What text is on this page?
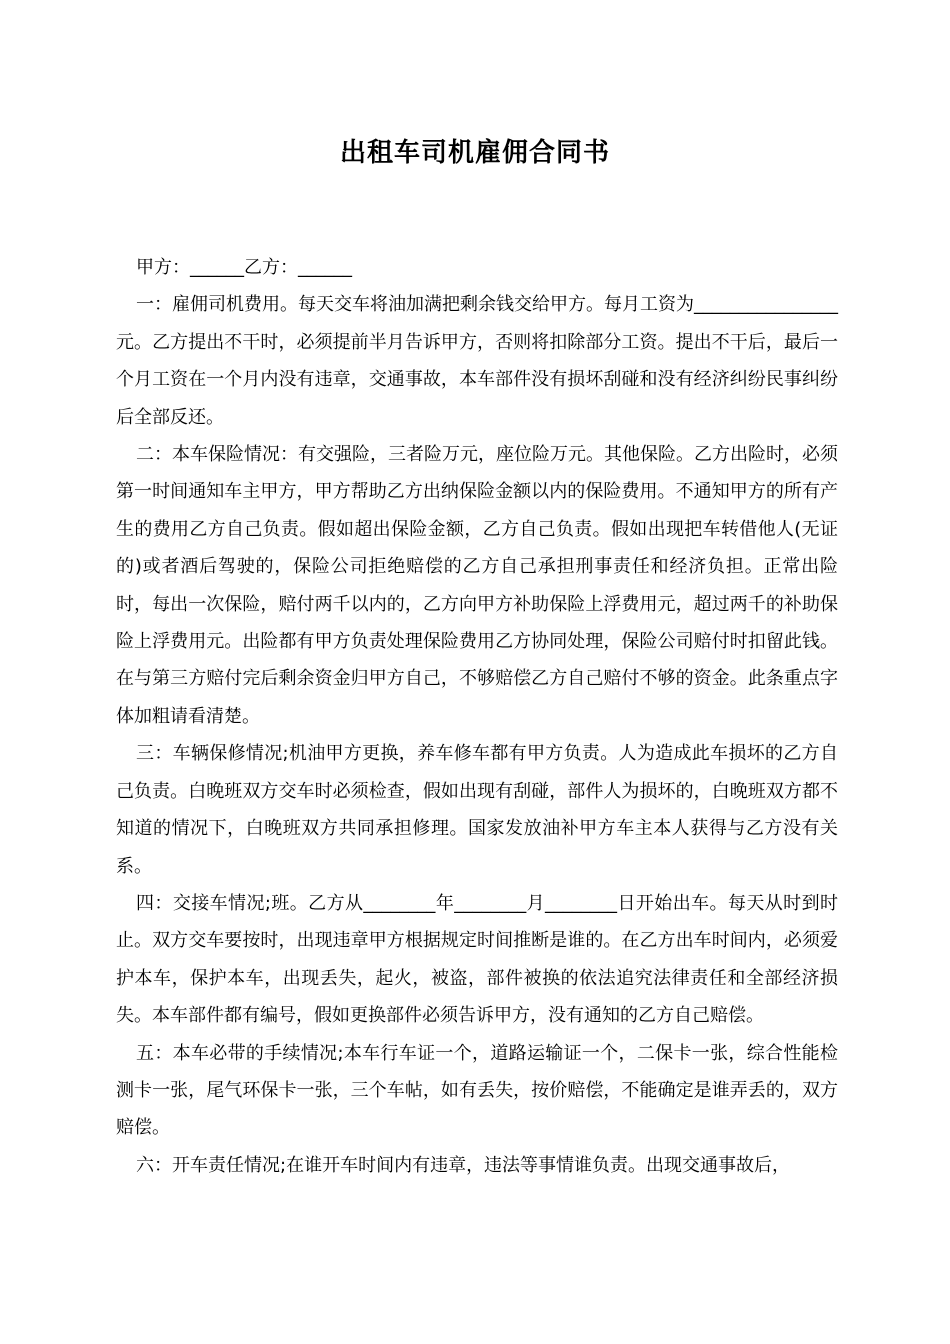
出租车司机雇佣合同书

甲方：______乙方：______

一：雇佣司机费用。每天交车将油加满把剩余钱交给甲方。每月工资为________________元。乙方提出不干时，必须提前半月告诉甲方，否则将扣除部分工资。提出不干后，最后一个月工资在一个月内没有违章，交通事故，本车部件没有损坏刮碰和没有经济纠纷民事纠纷后全部反还。

二：本车保险情况：有交强险，三者险万元，座位险万元。其他保险。乙方出险时，必须第一时间通知车主甲方，甲方帮助乙方出纳保险金额以内的保险费用。不通知甲方的所有产生的费用乙方自己负责。假如超出保险金额，乙方自己负责。假如出现把车转借他人(无证的)或者酒后驾驶的，保险公司拒绝赔偿的乙方自己承担刑事责任和经济负担。正常出险时，每出一次保险，赔付两千以内的，乙方向甲方补助保险上浮费用元，超过两千的补助保险上浮费用元。出险都有甲方负责处理保险费用乙方协同处理，保险公司赔付时扣留此钱。在与第三方赔付完后剩余资金归甲方自己，不够赔偿乙方自己赔付不够的资金。此条重点字体加粗请看清楚。

三：车辆保修情况;机油甲方更换，养车修车都有甲方负责。人为造成此车损坏的乙方自己负责。白晚班双方交车时必须检查，假如出现有刮碰，部件人为损坏的，白晚班双方都不知道的情况下，白晚班双方共同承担修理。国家发放油补甲方车主本人获得与乙方没有关系。

四：交接车情况;班。乙方从________年________月________日开始出车。每天从时到时止。双方交车要按时，出现违章甲方根据规定时间推断是谁的。在乙方出车时间内，必须爱护本车，保护本车，出现丢失，起火，被盗，部件被换的依法追究法律责任和全部经济损失。本车部件都有编号，假如更换部件必须告诉甲方，没有通知的乙方自己赔偿。

五：本车必带的手续情况;本车行车证一个，道路运输证一个，二保卡一张，综合性能检测卡一张，尾气环保卡一张，三个车帖，如有丢失，按价赔偿，不能确定是谁弄丢的，双方赔偿。

六：开车责任情况;在谁开车时间内有违章，违法等事情谁负责。出现交通事故后，
